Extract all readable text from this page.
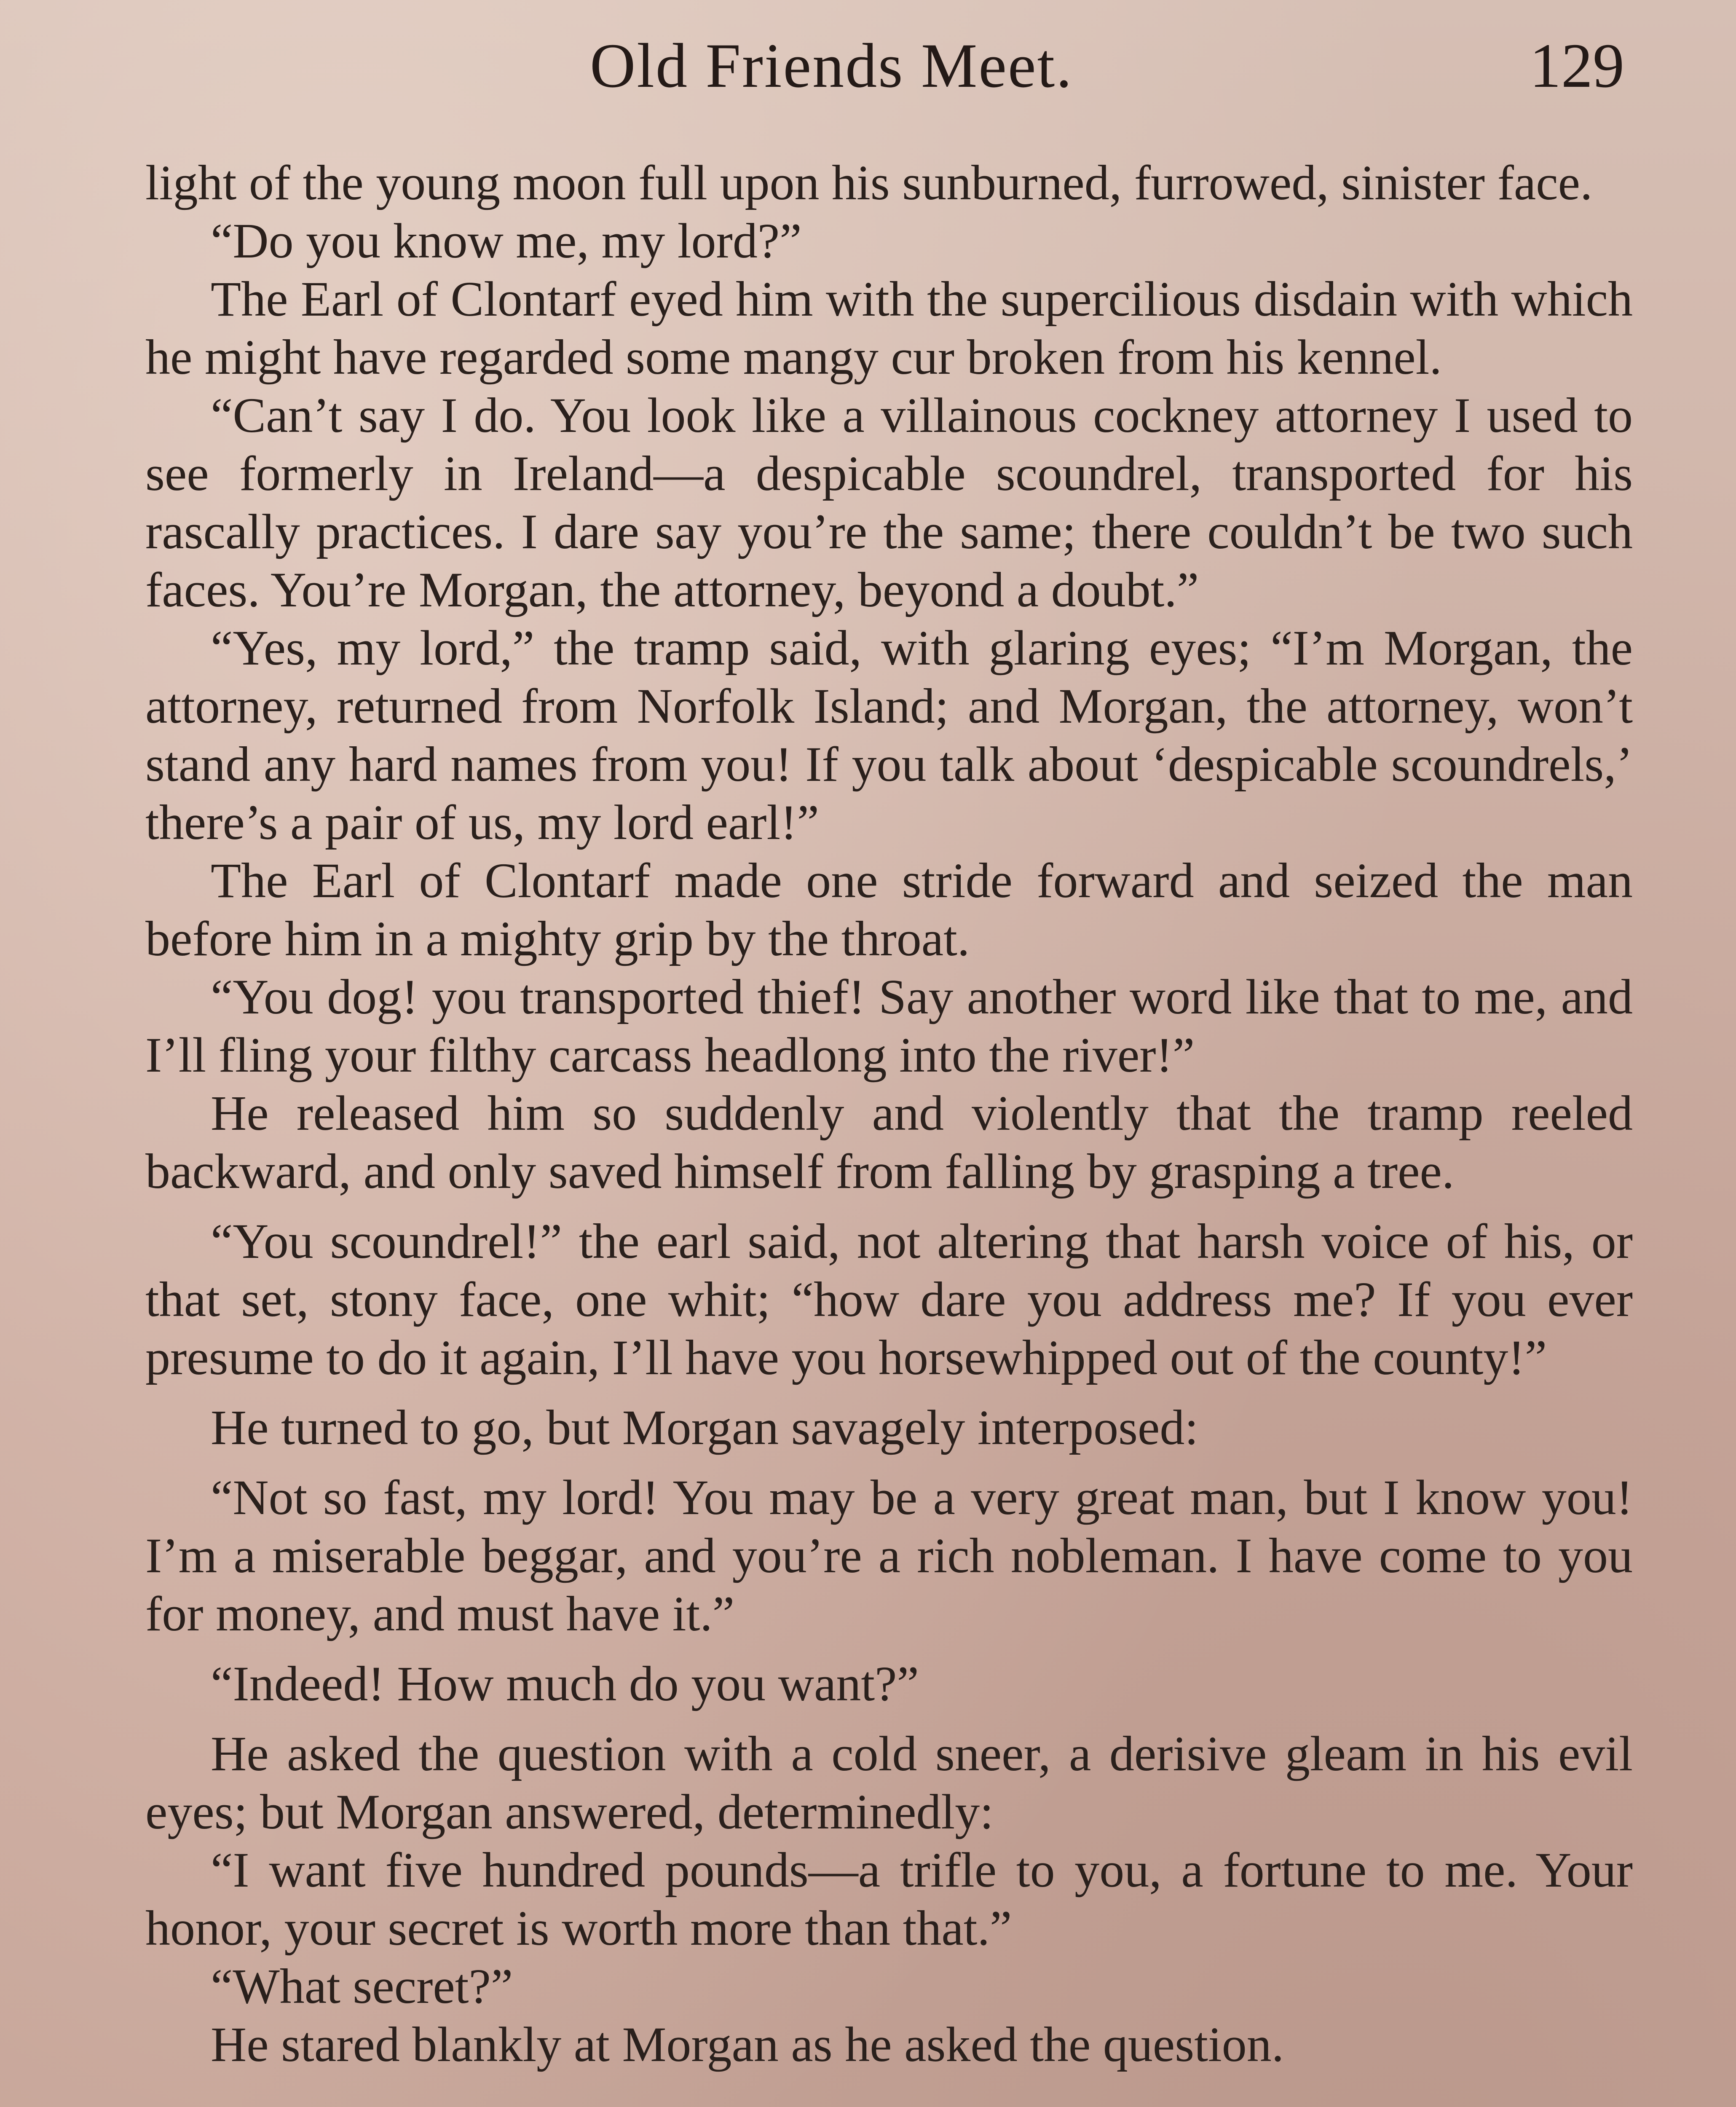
Old Friends Meet.	129

light of the young moon full upon his sunburned, furrowed, sinister face.

“Do you know me, my lord?”

The Earl of Clontarf eyed him with the supercilious disdain with which he might have regarded some mangy cur broken from his kennel.

“Can’t say I do. You look like a villainous cockney attorney I used to see formerly in Ireland—a despicable scoundrel, transported for his rascally practices. I dare say you’re the same; there couldn’t be two such faces. You’re Morgan, the attorney, beyond a doubt.”

“Yes, my lord,” the tramp said, with glaring eyes; “I’m Morgan, the attorney, returned from Norfolk Island; and Morgan, the attorney, won’t stand any hard names from you! If you talk about ‘despicable scoundrels,’ there’s a pair of us, my lord earl!”

The Earl of Clontarf made one stride forward and seized the man before him in a mighty grip by the throat.

“You dog! you transported thief! Say another word like that to me, and I’ll fling your filthy carcass headlong into the river!”

He released him so suddenly and violently that the tramp reeled backward, and only saved himself from falling by grasping a tree.

“You scoundrel!” the earl said, not altering that harsh voice of his, or that set, stony face, one whit; “how dare you address me? If you ever presume to do it again, I’ll have you horsewhipped out of the county!”

He turned to go, but Morgan savagely interposed:

“Not so fast, my lord! You may be a very great man, but I know you! I’m a miserable beggar, and you’re a rich nobleman. I have come to you for money, and must have it.”

“Indeed! How much do you want?”

He asked the question with a cold sneer, a derisive gleam in his evil eyes; but Morgan answered, determinedly:

“I want five hundred pounds—a trifle to you, a fortune to me. Your honor, your secret is worth more than that.”

“What secret?”

He stared blankly at Morgan as he asked the question.
